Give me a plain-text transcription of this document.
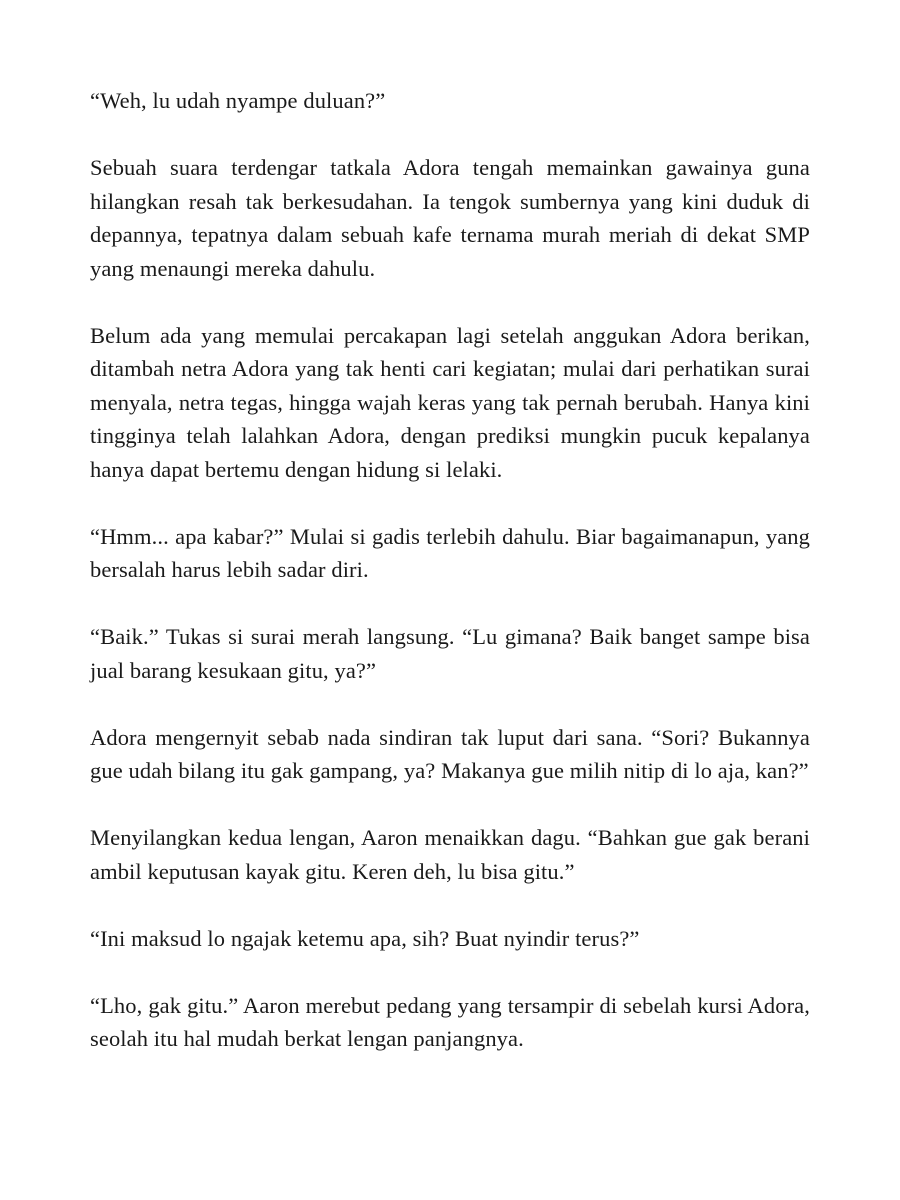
“Weh, lu udah nyampe duluan?”

Sebuah suara terdengar tatkala Adora tengah memainkan gawainya guna hilangkan resah tak berkesudahan. Ia tengok sumbernya yang kini duduk di depannya, tepatnya dalam sebuah kafe ternama murah meriah di dekat SMP yang menaungi mereka dahulu.

Belum ada yang memulai percakapan lagi setelah anggukan Adora berikan, ditambah netra Adora yang tak henti cari kegiatan; mulai dari perhatikan surai menyala, netra tegas, hingga wajah keras yang tak pernah berubah. Hanya kini tingginya telah lalahkan Adora, dengan prediksi mungkin pucuk kepalanya hanya dapat bertemu dengan hidung si lelaki.

“Hmm... apa kabar?” Mulai si gadis terlebih dahulu. Biar bagaimanapun, yang bersalah harus lebih sadar diri.

“Baik.” Tukas si surai merah langsung. “Lu gimana? Baik banget sampe bisa jual barang kesukaan gitu, ya?”

Adora mengernyit sebab nada sindiran tak luput dari sana. “Sori? Bukannya gue udah bilang itu gak gampang, ya? Makanya gue milih nitip di lo aja, kan?”

Menyilangkan kedua lengan, Aaron menaikkan dagu. “Bahkan gue gak berani ambil keputusan kayak gitu. Keren deh, lu bisa gitu.”

“Ini maksud lo ngajak ketemu apa, sih? Buat nyindir terus?”

“Lho, gak gitu.” Aaron merebut pedang yang tersampir di sebelah kursi Adora, seolah itu hal mudah berkat lengan panjangnya.
